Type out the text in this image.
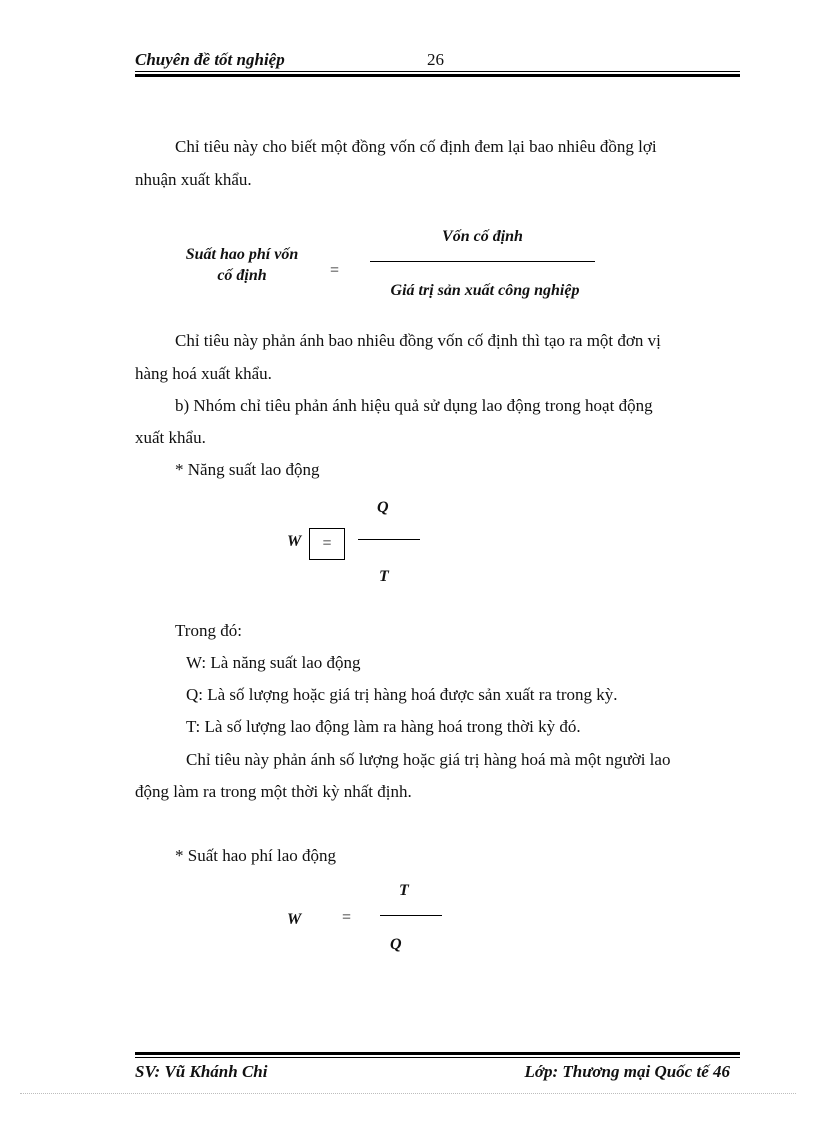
Chuyên đề tốt nghiệp	26
Chỉ tiêu này cho biết một đồng vốn cố định đem lại bao nhiêu đồng lợi
nhuận xuất khẩu.
Suất hao phí vốn
cố định	=
Vốn cố định
Giá trị sản xuất công nghiệp
Chỉ tiêu này phản ánh bao nhiêu đồng vốn cố định thì tạo ra một đơn vị
hàng hoá xuất khẩu.
b) Nhóm chỉ tiêu phản ánh hiệu quả sử dụng lao động trong hoạt động
xuất khẩu.
* Năng suất lao động
W	=
Q
T
Trong đó:
W: Là năng suất lao động
Q: Là số lượng hoặc giá trị hàng hoá được sản xuất ra trong kỳ.
T: Là số lượng lao động làm ra hàng hoá trong thời kỳ đó.
Chỉ tiêu này phản ánh số lượng hoặc giá trị hàng hoá mà một người lao
động làm ra trong một thời kỳ nhất định.
* Suất hao phí lao động
W	=
T
Q
SV: Vũ Khánh Chi	Lớp: Thương mại Quốc tế 46
